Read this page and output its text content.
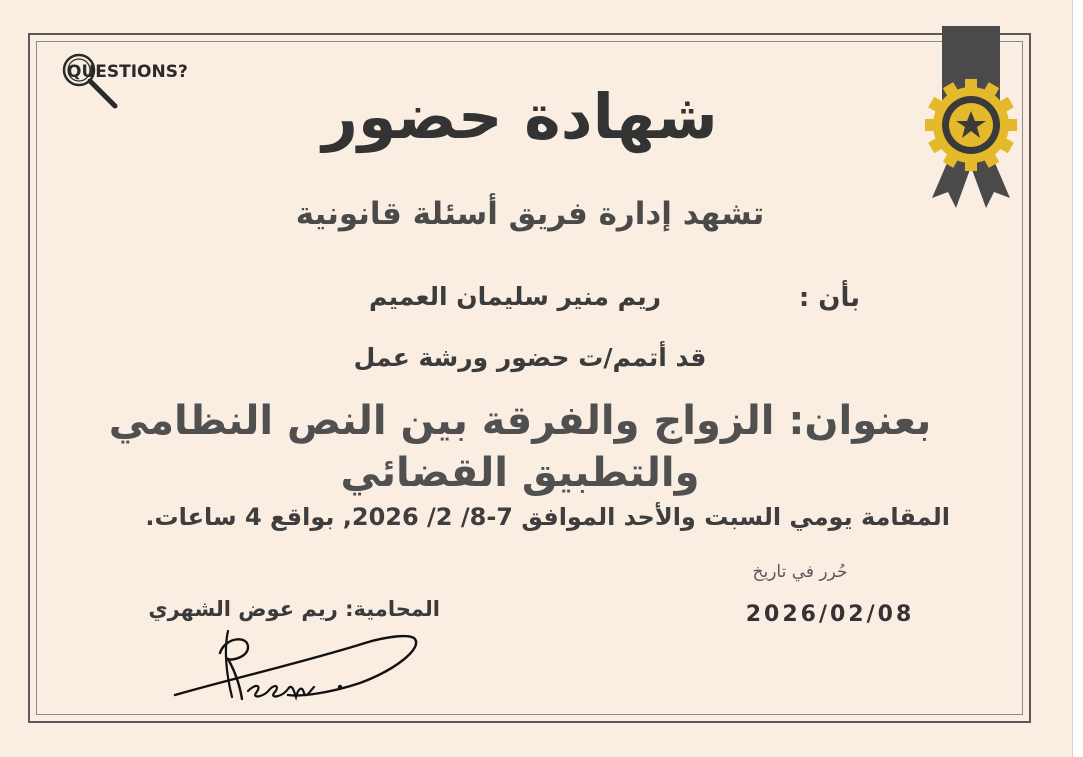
QUESTIONS?
شهادة حضور
تشهد إدارة فريق أسئلة قانونية
بأن :
ريم منير سليمان العميم
قد أتمم/ت حضور ورشة عمل
بعنوان: الزواج والفرقة بين النص النظامي والتطبيق القضائي
المقامة يومي السبت والأحد الموافق 7-8/ 2/ 2026, بواقع 4 ساعات.
حُرر في تاريخ
2026/02/08
المحامية: ريم عوض الشهري
